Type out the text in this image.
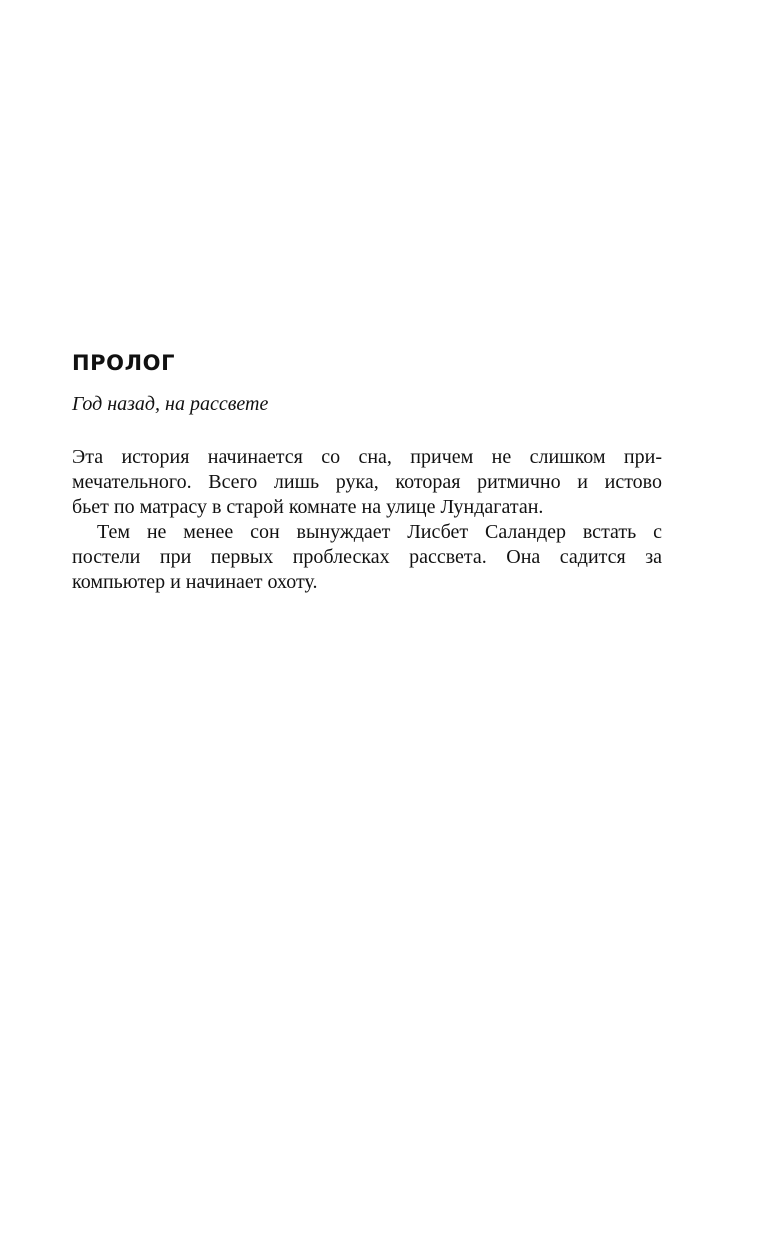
ПРОЛОГ
Год назад, на рассвете
Эта история начинается со сна, причем не слишком при-
мечательного. Всего лишь рука, которая ритмично и истово
бьет по матрасу в старой комнате на улице Лундагатан.
Тем не менее сон вынуждает Лисбет Саландер встать с
постели при первых проблесках рассвета. Она садится за
компьютер и начинает охоту.
